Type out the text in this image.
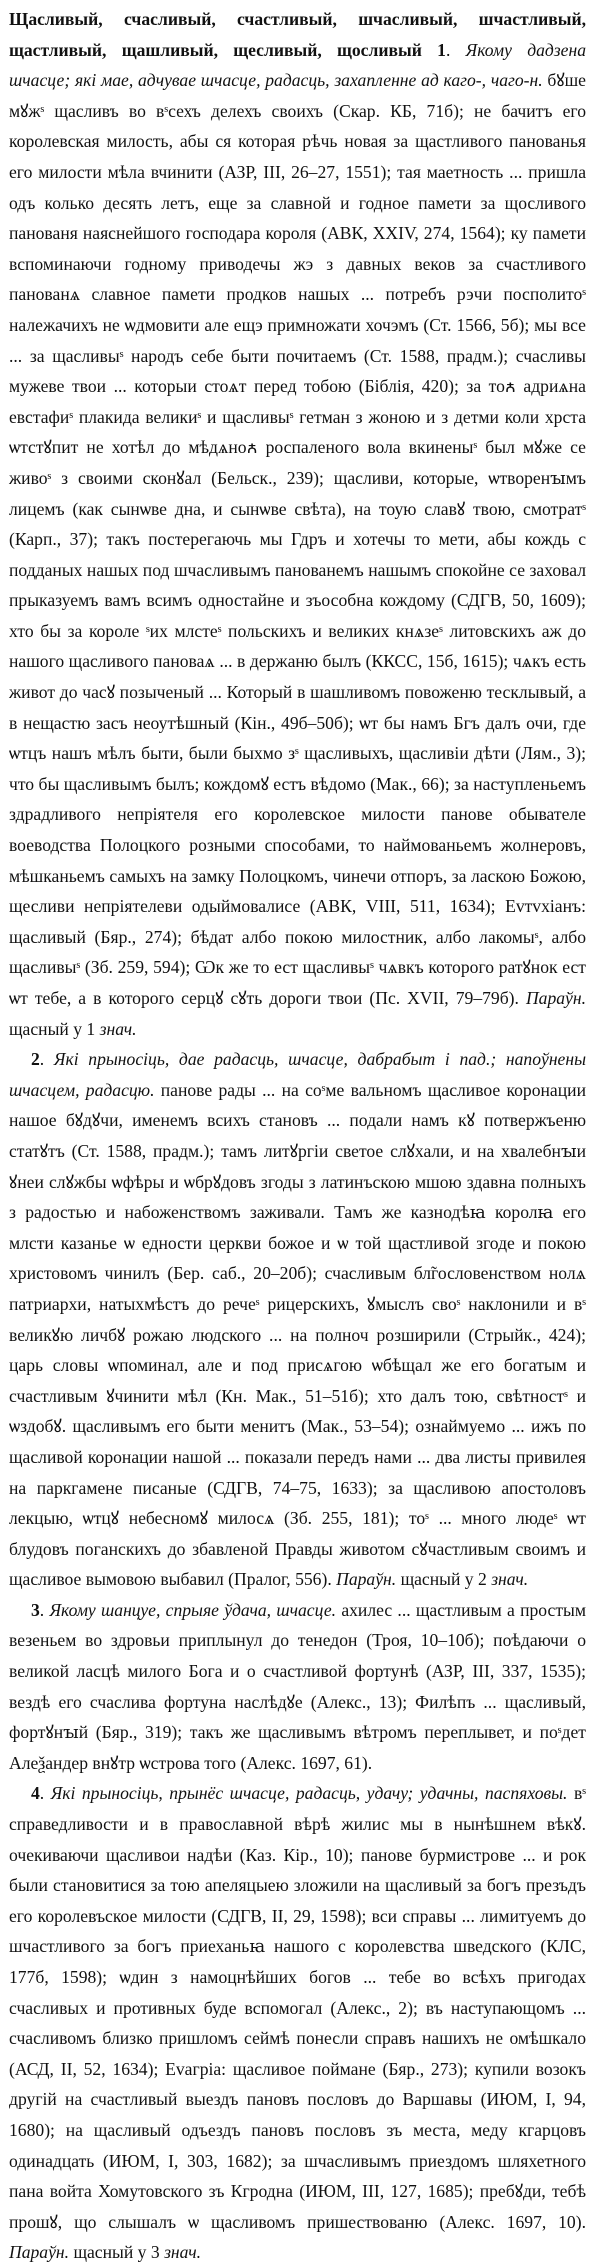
Щасливый, счасливый, счастливый, шчасливый, шчастливый, щастливый, щашливый, щесливый, щосливый 1. Якому дадзена шчасце; які мае, адчувае шчасце, радасць, захапленне ад каго-, чаго-н. бꙋше мꙋжˢ щасливъ во вˢсехъ делехъ своихъ (Скар. КБ, 71б); не бачитъ его королевская милость, абы ся которая рѣчь новая за щастливого панованья его милости мѣла вчинити (АЗР, III, 26–27, 1551); тая маетность ... пришла одъ колько десять летъ, еще за славной и годное памети за щосливого панованя наяснейшого господара короля (АВК, XXIV, 274, 1564); ку памети вспоминаючи годному приводечы жэ з давных веков за счастливого панованѧ славное памети продков нашых ... потребъ рэчи посполитоˢ належачихъ не ѡдмовити але ещэ примножати хочэмъ (Ст. 1566, 5б); мы все ... за щасливыˢ народъ себе быти почитаемъ (Ст. 1588, прадм.); счасливы мужеве твои ... которыи стоѧт перед тобою (Біблія, 420); за тоꙉ адриѧна евстафиˢ плакида великиˢ и щасливыˢ гетман з жоною и з детми коли хрста ѡтстꙋпит не хотѣл до мѣдѧноꙉ роспаленого вола вкиненыˢ был мꙋже се живоˢ з своими сконꙋал (Бельск., 239); щасливи, которые, ѡтворенꙑмъ лицемъ (как сынѡве дна, и сынѡве свѣта), на тоую славꙋ твою, смотратˢ (Карп., 37); такъ постерегаючь мы Гдръ и хотечы то мети, абы кождь с подданых нашых под шчасливымъ панованемъ нашымъ спокойне се заховал прыказуемъ вамъ всимъ одностайне и зъособна кождому (СДГВ, 50, 1609); хто бы за короле ˢих млстеˢ польскихъ и великих кнѧзеˢ литовскихъ аж до нашого щасливого пановаѧ ... в держаню былъ (ККСС, 15б, 1615); чѧкъ есть живот до часꙋ позыченый ... Который в шашливомъ повоженю тесклывый, а в нещастю засъ неоутѣшный (Кін., 49б–50б); ѡт бы намъ Бгъ далъ очи, где ѡтцъ нашъ мѣлъ быти, были быхмо зˢ щасливыхъ, щасливіи дѣти (Лям., 3); что бы щасливымъ былъ; кождомꙋ естъ вѣдомо (Мак., 66); за наступленьемъ здрадливого непріятеля его королевское милости панове обывателе воеводства Полоцкого розными способами, то наймованьемъ жолнеровъ, мѣшканьемъ самыхъ на замку Полоцкомъ, чинечи отпоръ, за ласкою Божою, щесливи непріятелеви одыймовалисе (АВК, VIII, 511, 1634); Еvтvхіанъ: щасливый (Бяр., 274); бѣдат албо покою милостник, албо лакомыˢ, албо щасливыˢ (Зб. 259, 594); Ѡк же то ест щасливыˢ чѧвкъ которого ратꙋнок ест ѡт тебе, а в которого серцꙋ сꙋть дороги твои (Пс. XVII, 79–79б). Параўн. щасный у 1 знач.

2. Які прыносіць, дае радасць, шчасце, дабрабыт і пад.; напоўнены шчасцем, радасцю. панове рады ... на соˢме вальномъ щасливое коронации нашое бꙋдꙋчи, именемъ всихъ становъ ... подали намъ кꙋ потвержъеню статꙋтъ (Ст. 1588, прадм.); тамъ литꙋргіи светое слꙋхали, и на хвалебнꙑи ꙋнеи слꙋжбы ѡфѣры и ѡбрꙋдовъ згоды з латинъскою мшою здавна полныхъ з радостью и набоженствомъ заживали. Тамъ же казнодѣꙗ королꙗ его млсти казанье ѡ едности церкви божое и ѡ той щастливой згоде и покою христовомъ чинилъ (Бер. саб., 20–20б); счасливым бл̃гословенством нолѧ патриархи, натыхмѣстъ до речеˢ рицерскихъ, ꙋмыслъ своˢ наклонили и вˢ великꙋю личбꙋ рожаю людского ... на полноч розширили (Стрыйк., 424); царь словы ѡпоминал, але и под присѧгою ѡбѣщал же его богатым и счастливым ꙋчинити мѣл (Кн. Мак., 51–51б); хто далъ тою, свѣтностˢ и ѡздобꙋ. щасливымъ его быти менитъ (Мак., 53–54); ознаймуемо ... ижъ по щасливой коронации нашой ... показали передъ нами ... два листы привилея на паркгамене писаные (СДГВ, 74–75, 1633); за щасливою апостоловъ лекцыю, ѡтцꙋ небесномꙋ милосѧ (Зб. 255, 181); тоˢ ... много людеˢ ѡт блудовъ поганскихъ до збавленой Правды животом сꙋчастливым своимъ и щасливое вымовою выбавил (Пралог, 556). Параўн. щасный у 2 знач.

3. Якому шанцуе, спрыяе ўдача, шчасце. ахилес ... щастливым а простым везеньем во здровьи приплынул до тенедон (Троя, 10–10б); поѣдаючи о великой ласцѣ милого Бога и о счастливой фортунѣ (АЗР, III, 337, 1535); вездѣ его счаслива фортуна наслѣдꙋе (Алекс., 13); Филѣпъ ... щасливый, фортꙋнꙑй (Бяр., 319); такъ же щасливымъ вѣтромъ переплывет, и поˢдет Алеѯандер внꙋтр ѡстрова того (Алекс. 1697, 61).

4. Які прыносіць, прынёс шчасце, радасць, удачу; удачны, паспяховы. вˢ справедливости и в православной вѣрѣ жилис мы в нынѣшнем вѣкꙋ. очекиваючи щасливои надѣи (Каз. Кір., 10); панове бурмистрове ... и рок были становитися за тою апеляцыею зложили на щасливый за богъ презъдъ его королевъское милости (СДГВ, II, 29, 1598); вси справы ... лимитуемъ до шчастливого за богъ приеханьꙗ нашого с королевства шведского (КЛС, 177б, 1598); ѡдин з намоцнѣйших богов ... тебе во всѣхъ пригодах счасливых и противных буде вспомогал (Алекс., 2); въ наступающомъ ... счасливомъ близко пришломъ сеймѣ понесли справъ нашихъ не омѣшкало (АСД, II, 52, 1634); Еvагріа: щасливое поймане (Бяр., 273); купили возокъ другій на счастливый выездъ пановъ пословъ до Варшавы (ИЮМ, I, 94, 1680); на щасливый одъездъ пановъ пословъ зъ места, меду кгарцовъ одинадцать (ИЮМ, I, 303, 1682); за шчасливымъ приездомъ шляхетного пана войта Хомутовского зъ Кгродна (ИЮМ, III, 127, 1685); пребꙋди, тебѣ прошꙋ, що слышалъ ѡ щасливомъ пришествованю (Алекс. 1697, 10). Параўн. щасный у 3 знач.
